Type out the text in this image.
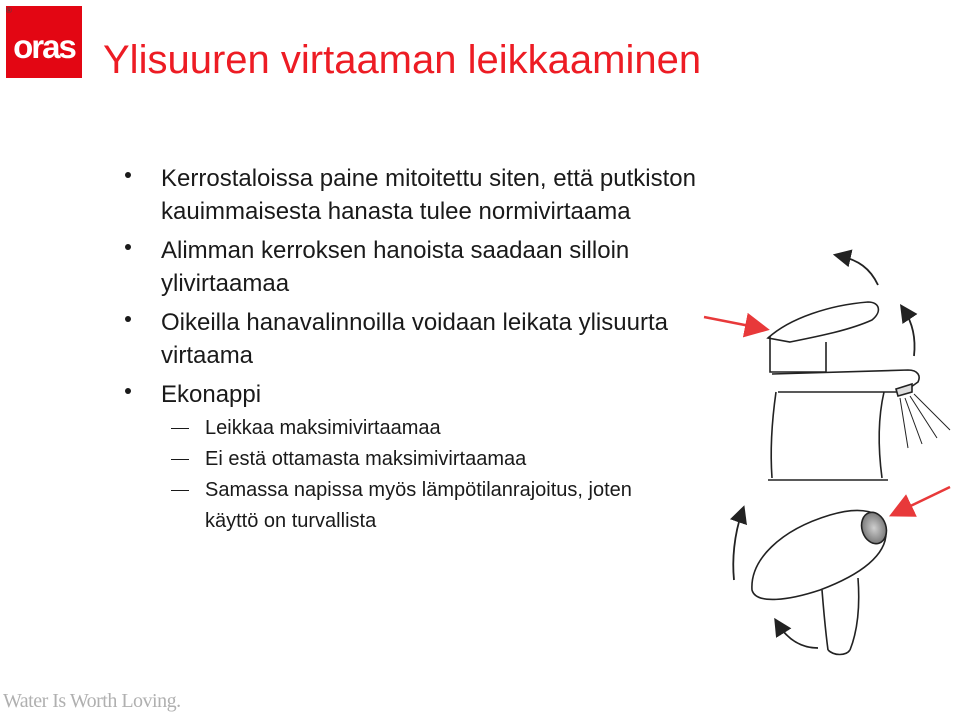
®
oras Ylisuuren virtaaman leikkaaminen
Kerrostaloissa paine mitoitettu siten, että putkiston kauimmaisesta hanasta tulee normivirtaama
Alimman kerroksen hanoista saadaan silloin ylivirtaamaa
Oikeilla hanavalinnoilla voidaan leikata ylisuurta virtaama
Ekonappi
Leikkaa maksimivirtaamaa
Ei estä ottamasta maksimivirtaamaa
Samassa napissa myös lämpötilanrajoitus, joten käyttö on turvallista
Water Is Worth Loving.
